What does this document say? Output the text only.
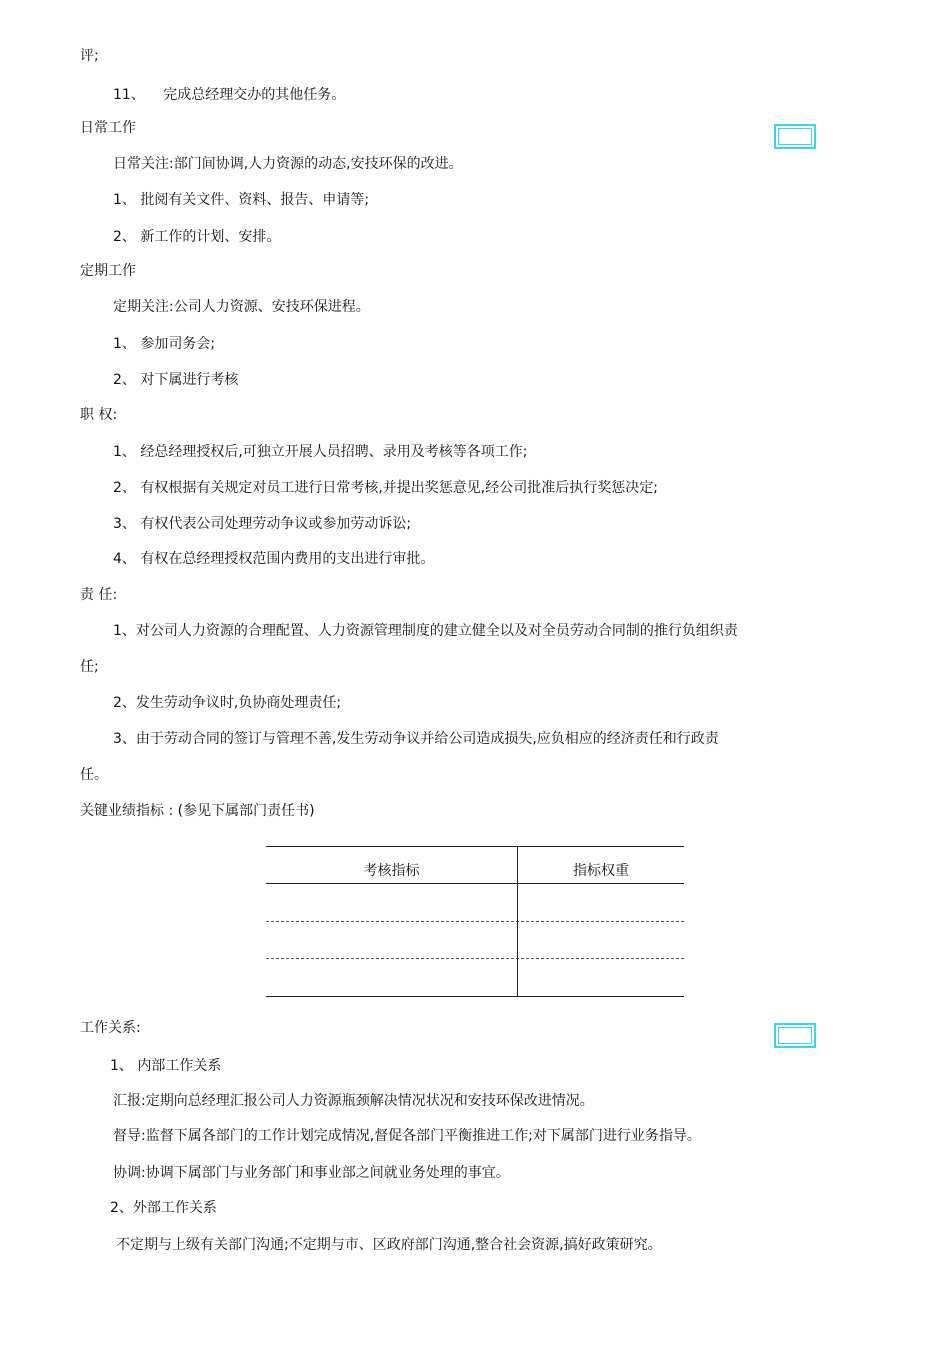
评;
11、 完成总经理交办的其他任务。
日常工作
日常关注:部门间协调,人力资源的动态,安技环保的改进。
1、 批阅有关文件、资料、报告、申请等;
2、 新工作的计划、安排。
定期工作
定期关注:公司人力资源、安技环保进程。
1、 参加司务会;
2、 对下属进行考核
职 权:
1、 经总经理授权后,可独立开展人员招聘、录用及考核等各项工作;
2、 有权根据有关规定对员工进行日常考核,并提出奖惩意见,经公司批准后执行奖惩决定;
3、 有权代表公司处理劳动争议或参加劳动诉讼;
4、 有权在总经理授权范围内费用的支出进行审批。
责 任:
1、对公司人力资源的合理配置、人力资源管理制度的建立健全以及对全员劳动合同制的推行负组织责
任;
2、发生劳动争议时,负协商处理责任;
3、由于劳动合同的签订与管理不善,发生劳动争议并给公司造成损失,应负相应的经济责任和行政责
任。
关键业绩指标 : (参见下属部门责任书)
考核指标	指标权重
工作关系:
1、 内部工作关系
汇报:定期向总经理汇报公司人力资源瓶颈解决情况状况和安技环保改进情况。
督导:监督下属各部门的工作计划完成情况,督促各部门平衡推进工作;对下属部门进行业务指导。
协调:协调下属部门与业务部门和事业部之间就业务处理的事宜。
2、外部工作关系
不定期与上级有关部门沟通;不定期与市、区政府部门沟通,整合社会资源,搞好政策研究。
